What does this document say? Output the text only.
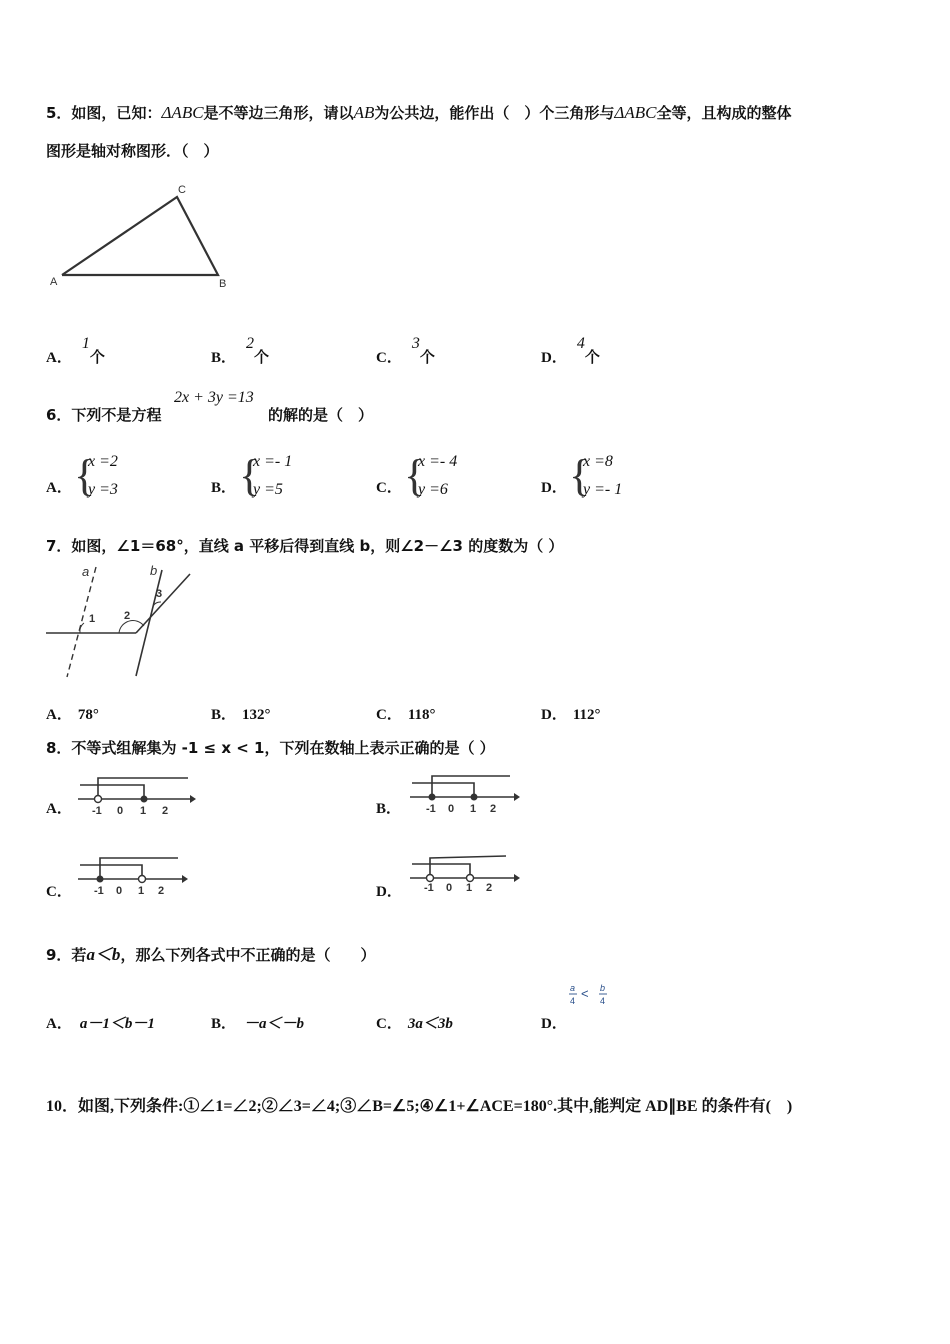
5．如图，已知：ΔABC是不等边三角形，请以AB为公共边，能作出（　）个三角形与ΔABC全等，且构成的整体
图形是轴对称图形．（　）
A	B
C
A．1个	B．2个	C．3个	D．4个
6．下列不是方程
2x + 3y =13
的解的是（　）
A． {
x =2
y =3	B． {
x =- 1
y =5	C． {
x =- 4
y =6	D． {
x =8
y =- 1
7．如图，∠1＝68°，直线 a 平移后得到直线 b，则∠2－∠3 的度数为（ ）
a	b
1	2
3
A． 78°	B． 132°	C． 118°	D． 112°
8．不等式组解集为 -1 ≤ x < 1，下列在数轴上表示正确的是（ ）
A． -1 0 1 2	B． -1 0 1 2
C． -1 0 1 2	D． -1 0 1 2
9．若a＜b，那么下列各式中不正确的是（　　）
A． a－1＜b－1	B． －a＜－b	C． 3a＜3b	D．
a
4 < b
4
10．如图,下列条件:①∠1=∠2;②∠3=∠4;③∠B=∠5;④∠1+∠ACE=180°.其中,能判定 AD∥BE 的条件有(　)
